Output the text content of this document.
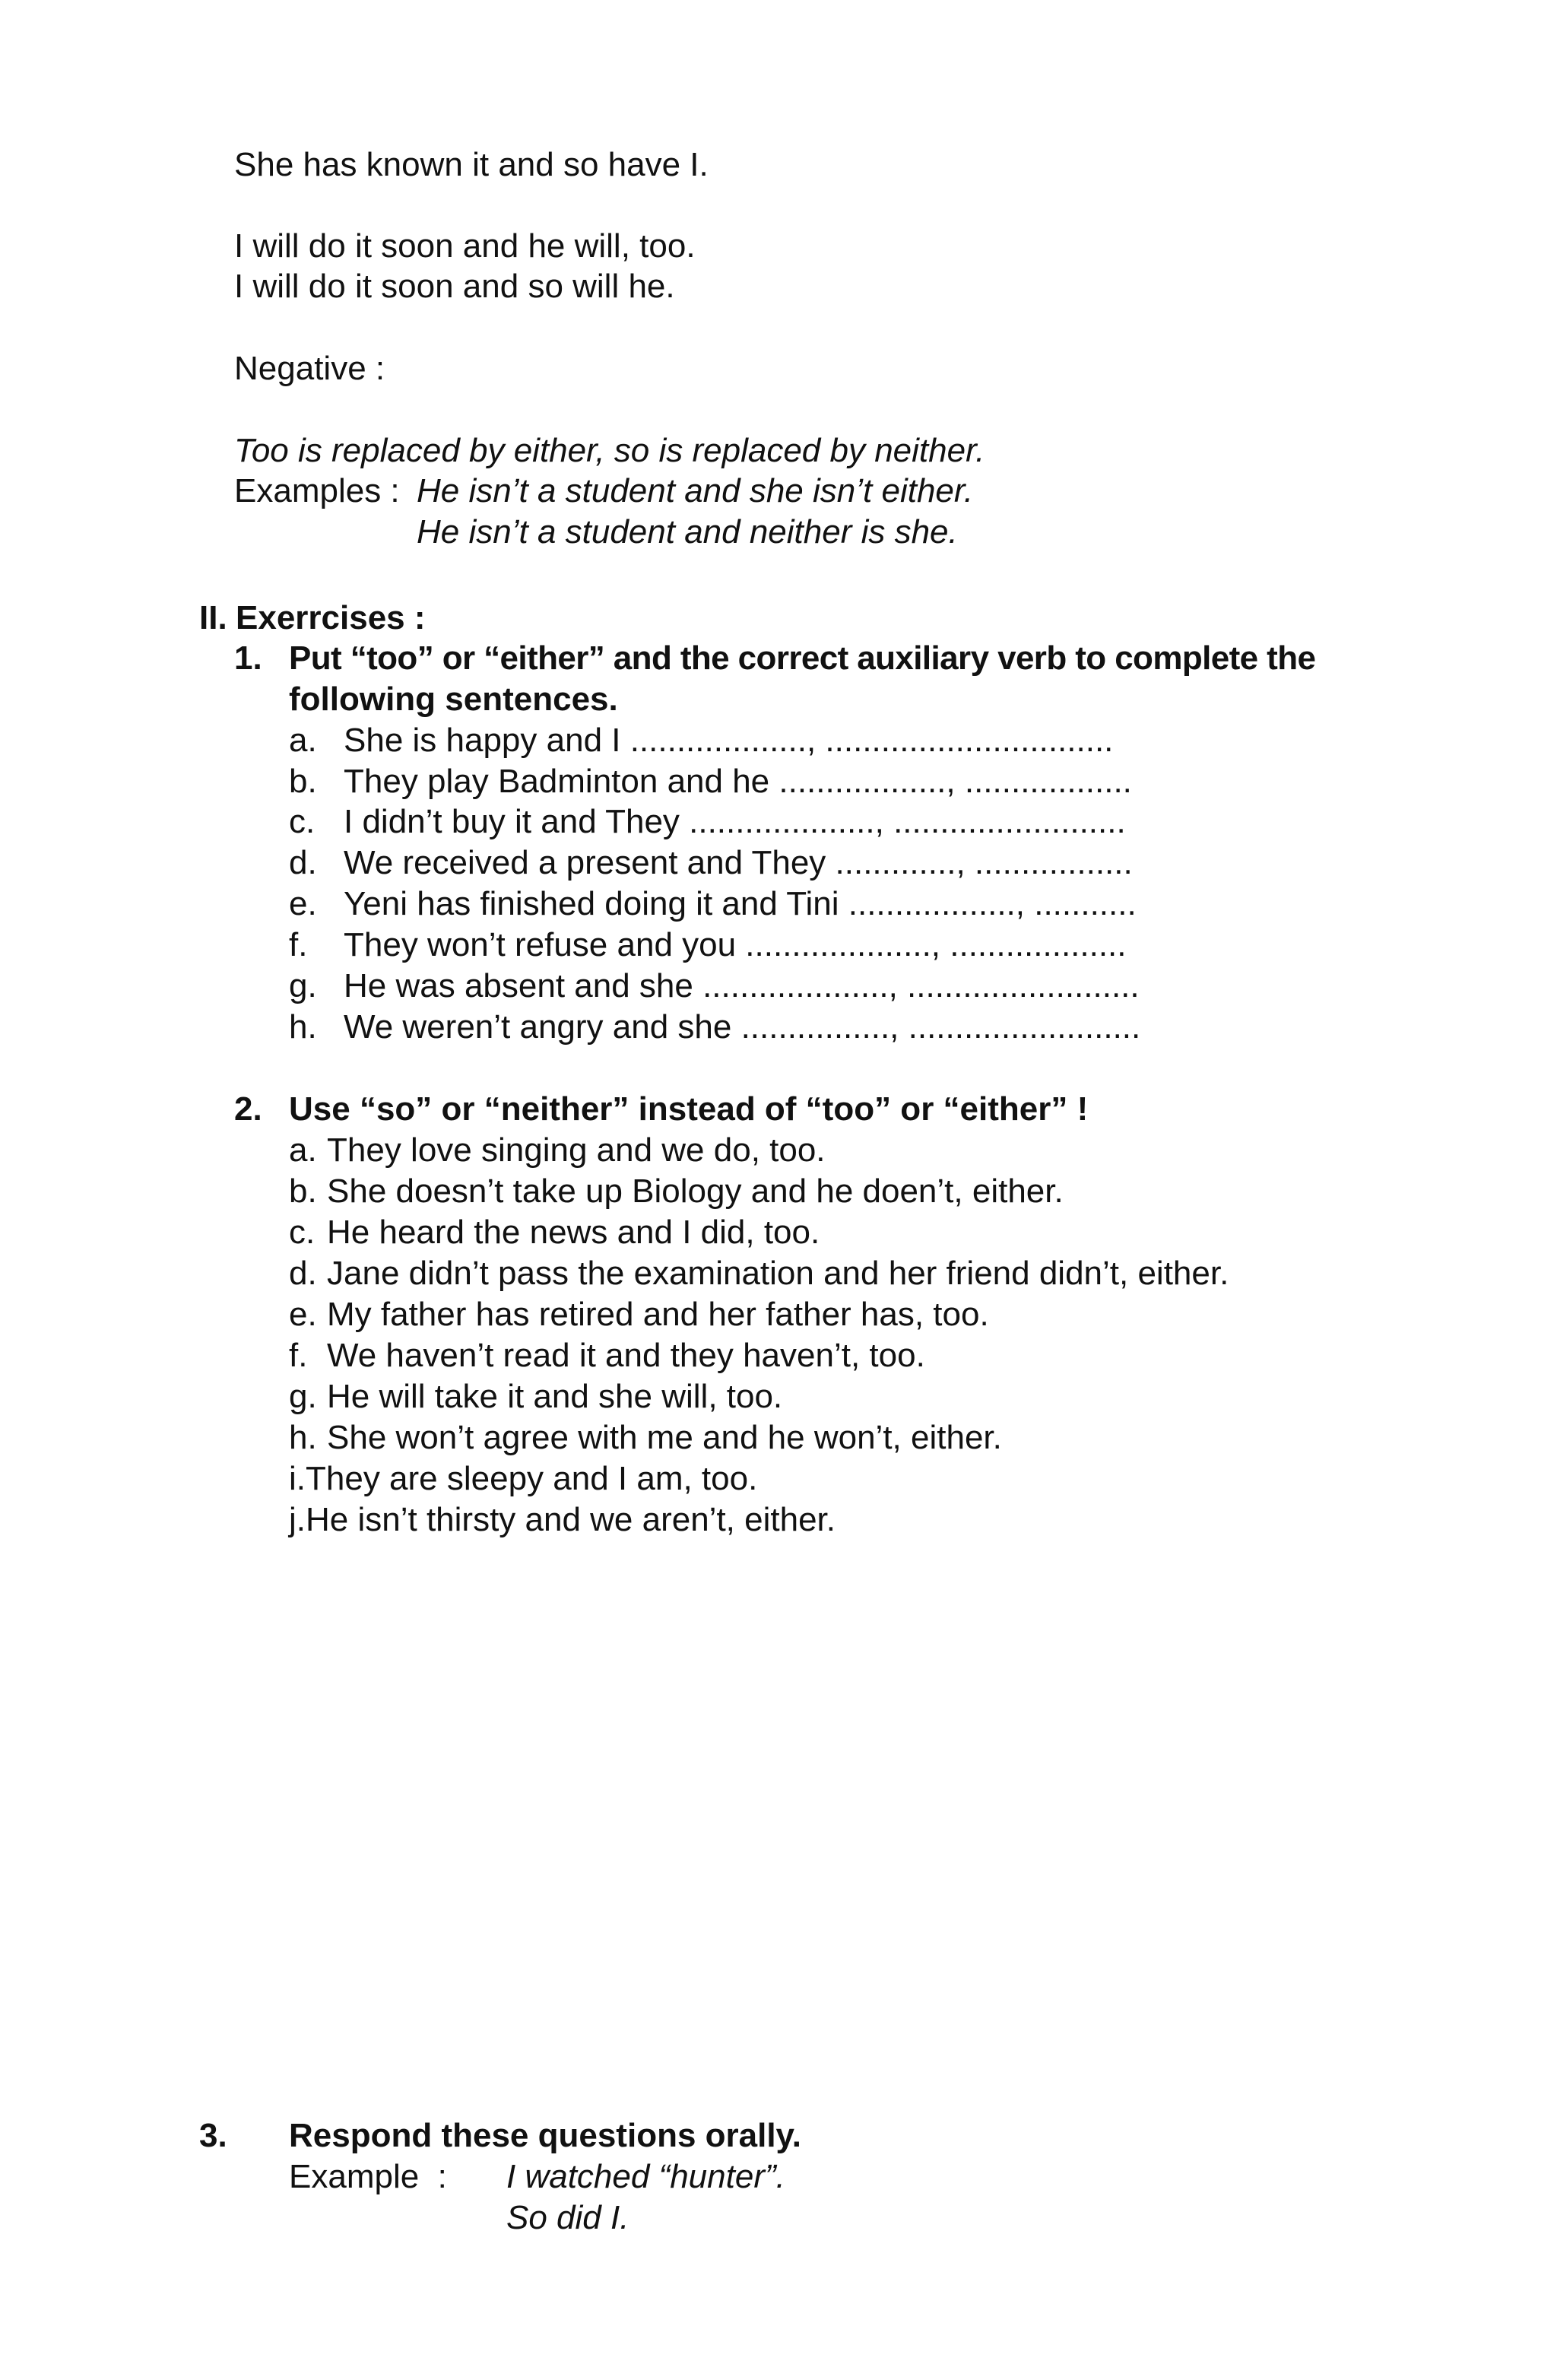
She has known it and so have I.
I will do it soon and he will, too.
I will do it soon and so will he.
Negative :
Too is replaced by either, so is replaced by neither.
Examples : He isn’t a student and she isn’t either.
He isn’t a student and neither is she.
II. Exerrcises :
1. Put “too” or “either” and the correct auxiliary verb to complete the
following sentences.
a. She is happy and I ..................., ...............................
b. They play Badminton and he .................., ..................
c. I didn’t buy it and They ...................., .........................
d. We received a present and They ............., .................
e. Yeni has finished doing it and Tini .................., ...........
f. They won’t refuse and you ...................., ...................
g. He was absent and she ...................., .........................
h. We weren’t angry and she ................, .........................
2. Use “so” or “neither” instead of “too” or “either” !
a. They love singing and we do, too.
b. She doesn’t take up Biology and he doen’t, either.
c. He heard the news and I did, too.
d. Jane didn’t pass the examination and her friend didn’t, either.
e. My father has retired and her father has, too.
f. We haven’t read it and they haven’t, too.
g. He will take it and she will, too.
h. She won’t agree with me and he won’t, either.
i.They are sleepy and I am, too.
j.He isn’t thirsty and we aren’t, either.
3. Respond these questions orally.
Example  : I watched “hunter”.
So did I.
